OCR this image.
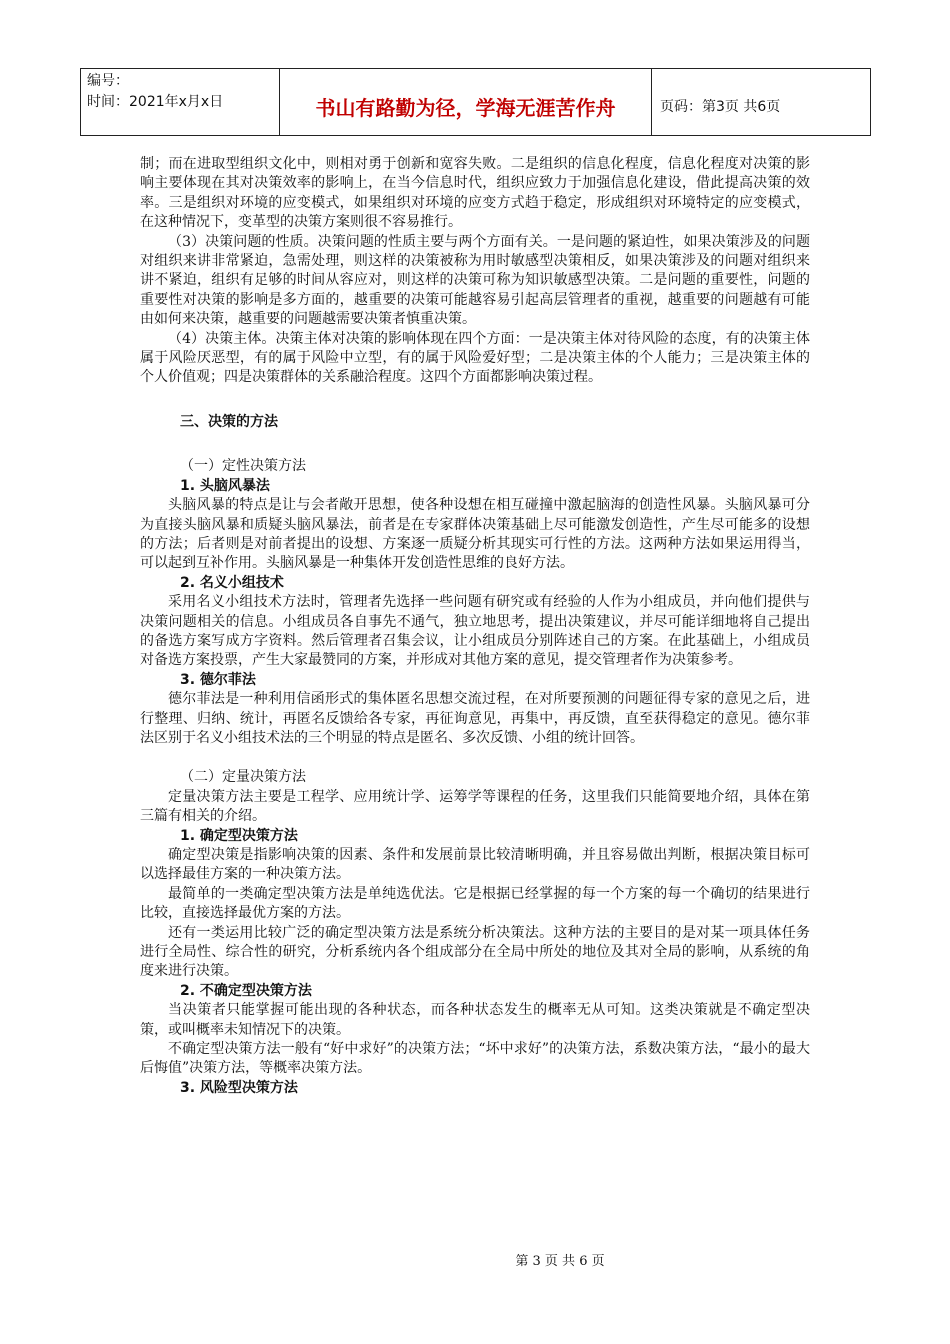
编号：
时间：2021年x月x日	书山有路勤为径，学海无涯苦作舟	页码：第3页 共6页

制；而在进取型组织文化中，则相对勇于创新和宽容失败。二是组织的信息化程度，信息化程度对决策的影响主要体现在其对决策效率的影响上，在当今信息时代，组织应致力于加强信息化建设，借此提高决策的效率。三是组织对环境的应变模式，如果组织对环境的应变方式趋于稳定，形成组织对环境特定的应变模式，在这种情况下，变革型的决策方案则很不容易推行。

（3）决策问题的性质。决策问题的性质主要与两个方面有关。一是问题的紧迫性，如果决策涉及的问题对组织来讲非常紧迫，急需处理，则这样的决策被称为用时敏感型决策相反，如果决策涉及的问题对组织来讲不紧迫，组织有足够的时间从容应对，则这样的决策可称为知识敏感型决策。二是问题的重要性，问题的重要性对决策的影响是多方面的，越重要的决策可能越容易引起高层管理者的重视，越重要的问题越有可能由如何来决策，越重要的问题越需要决策者慎重决策。

（4）决策主体。决策主体对决策的影响体现在四个方面：一是决策主体对待风险的态度，有的决策主体属于风险厌恶型，有的属于风险中立型，有的属于风险爱好型；二是决策主体的个人能力；三是决策主体的个人价值观；四是决策群体的关系融洽程度。这四个方面都影响决策过程。

三、决策的方法

（一）定性决策方法

1. 头脑风暴法

头脑风暴的特点是让与会者敞开思想，使各种设想在相互碰撞中激起脑海的创造性风暴。头脑风暴可分为直接头脑风暴和质疑头脑风暴法，前者是在专家群体决策基础上尽可能激发创造性，产生尽可能多的设想的方法；后者则是对前者提出的设想、方案逐一质疑分析其现实可行性的方法。这两种方法如果运用得当，可以起到互补作用。头脑风暴是一种集体开发创造性思维的良好方法。

2. 名义小组技术

采用名义小组技术方法时，管理者先选择一些问题有研究或有经验的人作为小组成员，并向他们提供与决策问题相关的信息。小组成员各自事先不通气，独立地思考，提出决策建议，并尽可能详细地将自己提出的备选方案写成方字资料。然后管理者召集会议，让小组成员分别阵述自己的方案。在此基础上，小组成员对备选方案投票，产生大家最赞同的方案，并形成对其他方案的意见，提交管理者作为决策参考。

3. 德尔菲法

德尔菲法是一种利用信函形式的集体匿名思想交流过程，在对所要预测的问题征得专家的意见之后，进行整理、归纳、统计，再匿名反馈给各专家，再征询意见，再集中，再反馈，直至获得稳定的意见。德尔菲法区别于名义小组技术法的三个明显的特点是匿名、多次反馈、小组的统计回答。

（二）定量决策方法

定量决策方法主要是工程学、应用统计学、运筹学等课程的任务，这里我们只能简要地介绍，具体在第三篇有相关的介绍。

1. 确定型决策方法

确定型决策是指影响决策的因素、条件和发展前景比较清晰明确，并且容易做出判断，根据决策目标可以选择最佳方案的一种决策方法。

最简单的一类确定型决策方法是单纯选优法。它是根据已经掌握的每一个方案的每一个确切的结果进行比较，直接选择最优方案的方法。

还有一类运用比较广泛的确定型决策方法是系统分析决策法。这种方法的主要目的是对某一项具体任务进行全局性、综合性的研究，分析系统内各个组成部分在全局中所处的地位及其对全局的影响，从系统的角度来进行决策。

2. 不确定型决策方法

当决策者只能掌握可能出现的各种状态，而各种状态发生的概率无从可知。这类决策就是不确定型决策，或叫概率未知情况下的决策。

不确定型决策方法一般有“好中求好”的决策方法；“坏中求好”的决策方法，系数决策方法，“最小的最大后悔值”决策方法，等概率决策方法。

3. 风险型决策方法

第 3 页 共 6 页
